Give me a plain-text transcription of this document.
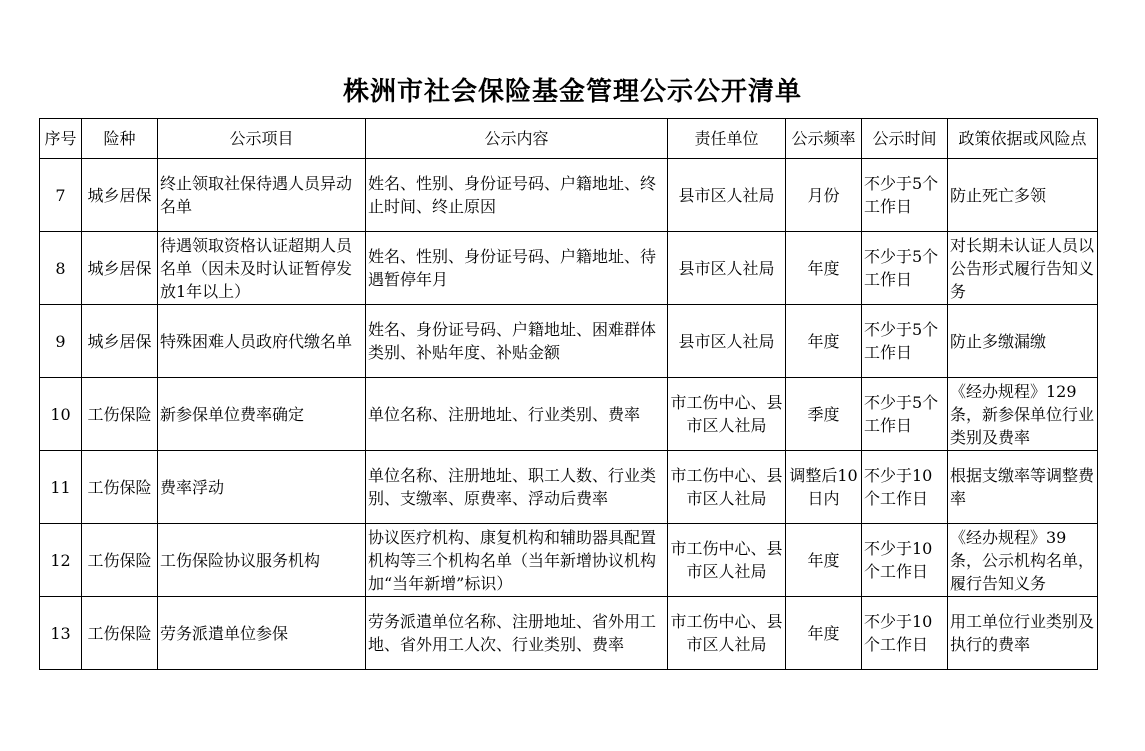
株洲市社会保险基金管理公示公开清单
序号	险种	公示项目	公示内容	责任单位	公示频率	公示时间	政策依据或风险点
7	城乡居保	终止领取社保待遇人员异动名单	姓名、性别、身份证号码、户籍地址、终止时间、终止原因	县市区人社局	月份	不少于5个工作日	防止死亡多领
8	城乡居保	待遇领取资格认证超期人员名单（因未及时认证暂停发放1年以上）	姓名、性别、身份证号码、户籍地址、待遇暂停年月	县市区人社局	年度	不少于5个工作日	对长期未认证人员以公告形式履行告知义务
9	城乡居保	特殊困难人员政府代缴名单	姓名、身份证号码、户籍地址、困难群体类别、补贴年度、补贴金额	县市区人社局	年度	不少于5个工作日	防止多缴漏缴
10	工伤保险	新参保单位费率确定	单位名称、注册地址、行业类别、费率	市工伤中心、县市区人社局	季度	不少于5个工作日	《经办规程》129条，新参保单位行业类别及费率
11	工伤保险	费率浮动	单位名称、注册地址、职工人数、行业类别、支缴率、原费率、浮动后费率	市工伤中心、县市区人社局	调整后10日内	不少于10个工作日	根据支缴率等调整费率
12	工伤保险	工伤保险协议服务机构	协议医疗机构、康复机构和辅助器具配置机构等三个机构名单（当年新增协议机构加“当年新增”标识）	市工伤中心、县市区人社局	年度	不少于10个工作日	《经办规程》39条，公示机构名单，履行告知义务
13	工伤保险	劳务派遣单位参保	劳务派遣单位名称、注册地址、省外用工地、省外用工人次、行业类别、费率	市工伤中心、县市区人社局	年度	不少于10个工作日	用工单位行业类别及执行的费率
